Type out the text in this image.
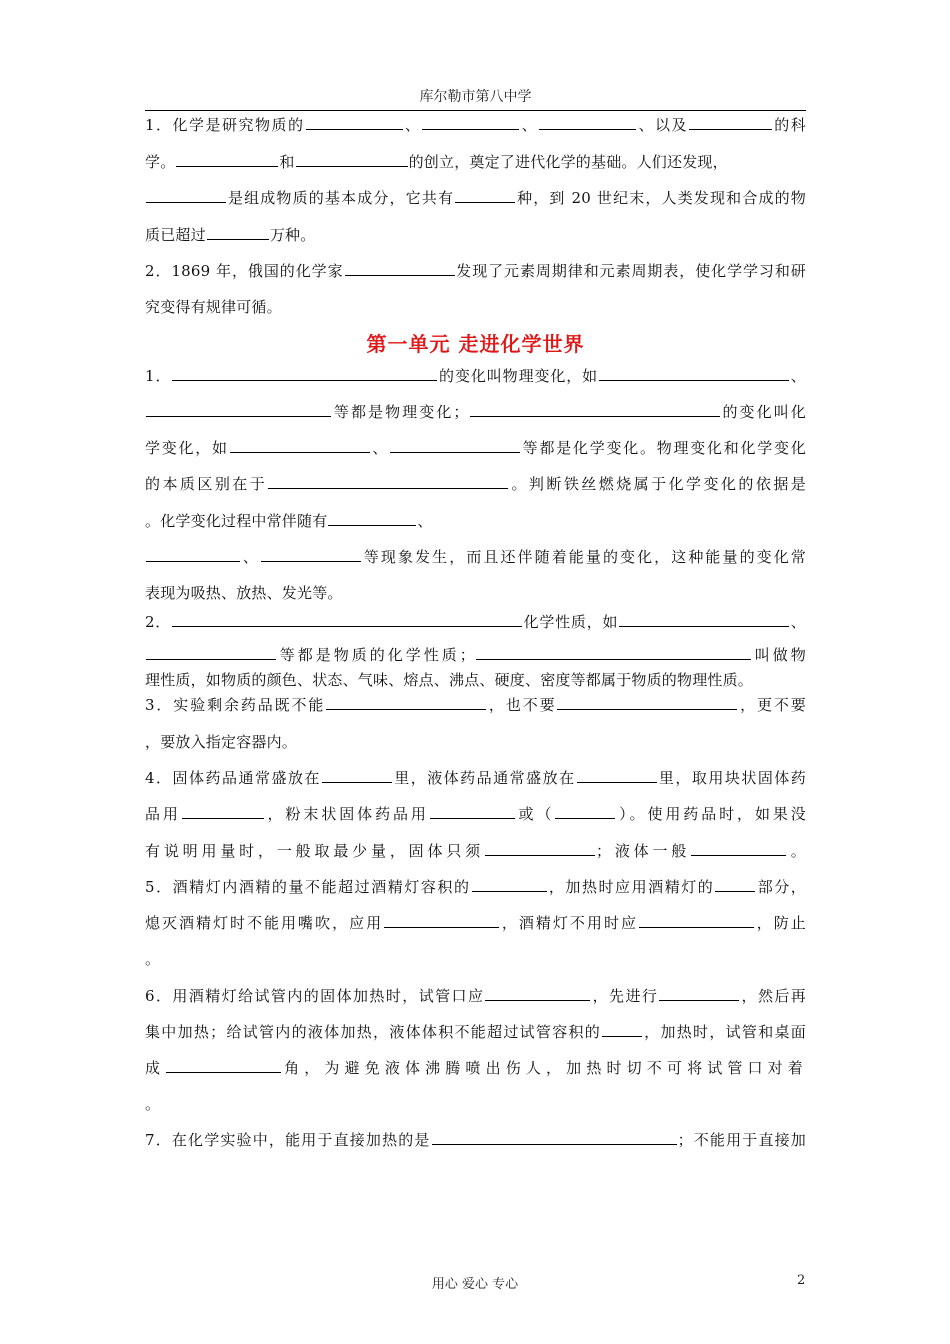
库尔勒市第八中学
1．化学是研究物质的	、	、	、以及	的科
学。	和	的创立，奠定了进代化学的基础。人们还发现，
是组成物质的基本成分，它共有	种，到 20 世纪末，人类发现和合成的物
质已超过	万种。
2．1869 年，俄国的化学家	发现了元素周期律和元素周期表，使化学学习和研
究变得有规律可循。
第一单元 走进化学世界
1．	的变化叫物理变化，如	、
等都是物理变化；	的变化叫化
学变化，如	、	等都是化学变化。物理变化和化学变化
的本质区别在于	。判断铁丝燃烧属于化学变化的依据是
。化学变化过程中常伴随有	、
、	等现象发生，而且还伴随着能量的变化，这种能量的变化常
表现为吸热、放热、发光等。
2．	化学性质，如	、
等都是物质的化学性质；	叫做物
理性质，如物质的颜色、状态、气味、熔点、沸点、硬度、密度等都属于物质的物理性质。
3．实验剩余药品既不能	，也不要	，更不要
，要放入指定容器内。
4．固体药品通常盛放在	里，液体药品通常盛放在	里，取用块状固体药
品用	，粉末状固体药品用	或（	）。使用药品时，如果没
有说明用量时，一般取最少量，固体只须	；液体一般	。
5．酒精灯内酒精的量不能超过酒精灯容积的	，加热时应用酒精灯的	部分，
熄灭酒精灯时不能用嘴吹，应用	，酒精灯不用时应	，防止
。
6．用酒精灯给试管内的固体加热时，试管口应	，先进行	，然后再
集中加热；给试管内的液体加热，液体体积不能超过试管容积的	，加热时，试管和桌面
成	角，为避免液体沸腾喷出伤人，加热时切不可将试管口对着
。
7．在化学实验中，能用于直接加热的是	；不能用于直接加
用心 爱心 专心	2
